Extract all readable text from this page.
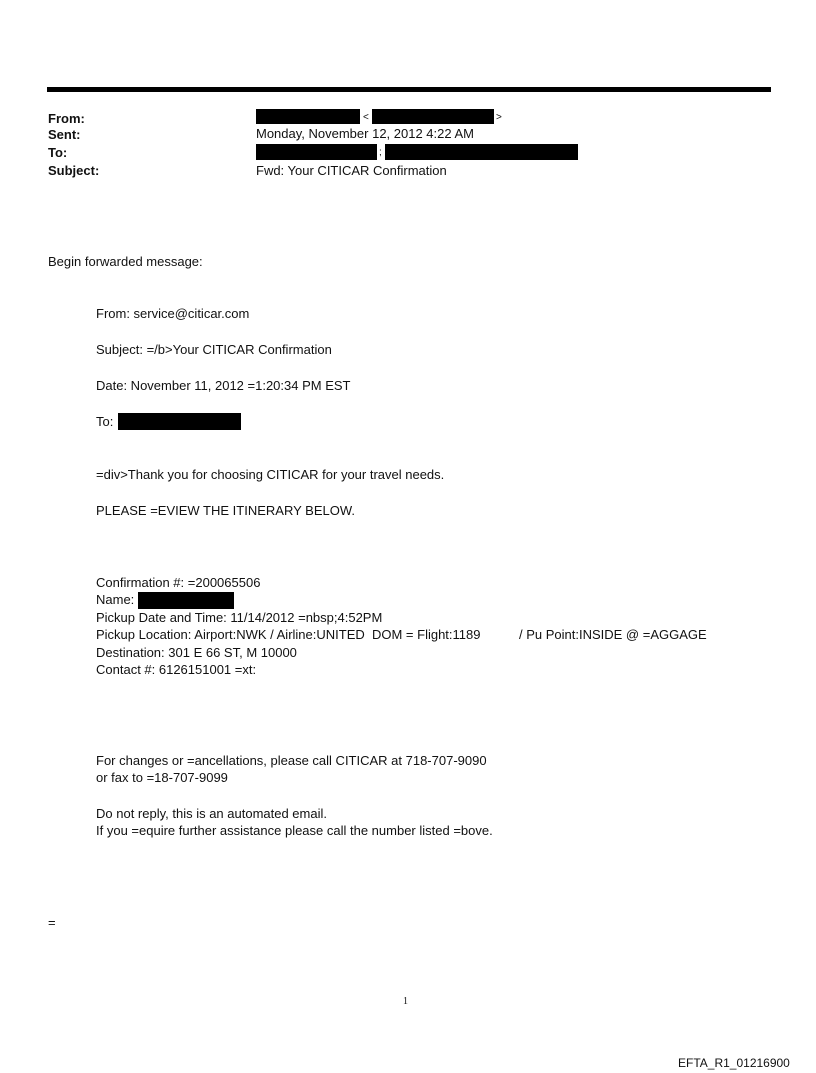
From:	<	>
Sent:	Monday, November 12, 2012 4:22 AM
To:	;
Subject:	Fwd: Your CITICAR Confirmation
Begin forwarded message:
From: service@citicar.com
Subject: =/b>Your CITICAR Confirmation
Date: November 11, 2012 =1:20:34 PM EST
To:
=div>Thank you for choosing CITICAR for your travel needs.
PLEASE =EVIEW THE ITINERARY BELOW.
Confirmation #: =200065506
Name:
Pickup Date and Time: 11/14/2012 =nbsp;4:52PM
Pickup Location: Airport:NWK / Airline:UNITED  DOM = Flight:1189	/ Pu Point:INSIDE @ =AGGAGE
Destination: 301 E 66 ST, M 10000
Contact #: 6126151001 =xt:
For changes or =ancellations, please call CITICAR at 718-707-9090
or fax to =18-707-9099
Do not reply, this is an automated email.
If you =equire further assistance please call the number listed =bove.
=
1
EFTA_R1_01216900
